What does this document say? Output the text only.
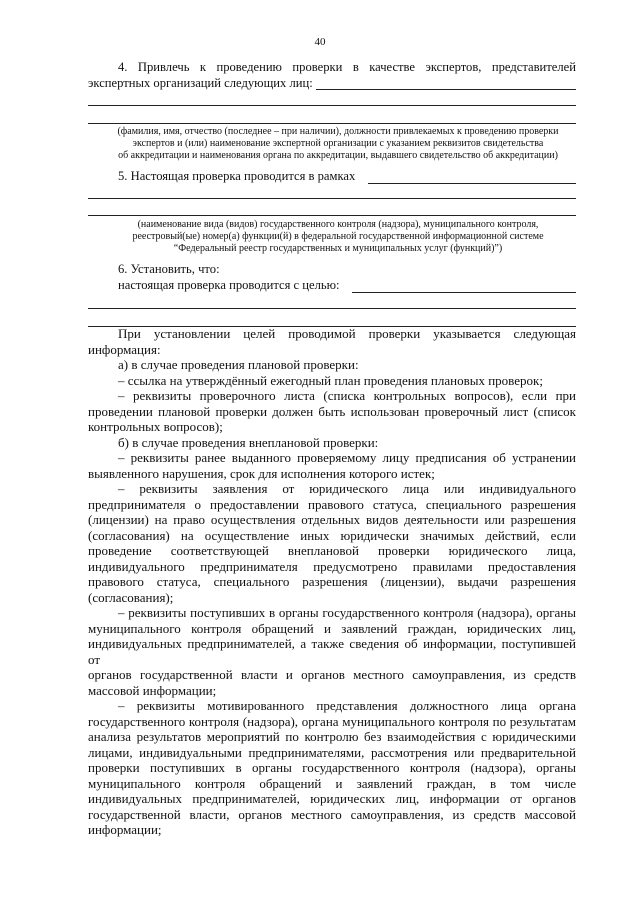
40
4. Привлечь к проведению проверки в качестве экспертов, представителей
экспертных организаций следующих лиц:
(фамилия, имя, отчество (последнее – при наличии), должности привлекаемых к проведению проверки
экспертов и (или) наименование экспертной организации с указанием реквизитов свидетельства
об аккредитации и наименования органа по аккредитации, выдавшего свидетельство об аккредитации)
5. Настоящая проверка проводится в рамках
(наименование вида (видов) государственного контроля (надзора), муниципального контроля,
реестровый(ые) номер(а) функции(й) в федеральной государственной информационной системе
“Федеральный реестр государственных и муниципальных услуг (функций)”)
6. Установить, что:
настоящая проверка проводится с целью:
При установлении целей проводимой проверки указывается следующая
информация:
а) в случае проведения плановой проверки:
– ссылка на утверждённый ежегодный план проведения плановых проверок;
– реквизиты проверочного листа (списка контрольных вопросов), если при
проведении плановой проверки должен быть использован проверочный лист (список
контрольных вопросов);
б) в случае проведения внеплановой проверки:
– реквизиты ранее выданного проверяемому лицу предписания об устранении
выявленного нарушения, срок для исполнения которого истек;
– реквизиты заявления от юридического лица или индивидуального
предпринимателя о предоставлении правового статуса, специального разрешения
(лицензии) на право осуществления отдельных видов деятельности или разрешения
(согласования) на осуществление иных юридически значимых действий, если
проведение соответствующей внеплановой проверки юридического лица,
индивидуального предпринимателя предусмотрено правилами предоставления
правового статуса, специального разрешения (лицензии), выдачи разрешения
(согласования);
– реквизиты поступивших в органы государственного контроля (надзора), органы
муниципального контроля обращений и заявлений граждан, юридических лиц,
индивидуальных предпринимателей, а также сведения об информации, поступившей от
органов государственной власти и органов местного самоуправления, из средств
массовой информации;
– реквизиты мотивированного представления должностного лица органа
государственного контроля (надзора), органа муниципального контроля по результатам
анализа результатов мероприятий по контролю без взаимодействия с юридическими
лицами, индивидуальными предпринимателями, рассмотрения или предварительной
проверки поступивших в органы государственного контроля (надзора), органы
муниципального контроля обращений и заявлений граждан, в том числе
индивидуальных предпринимателей, юридических лиц, информации от органов
государственной власти, органов местного самоуправления, из средств массовой
информации;
